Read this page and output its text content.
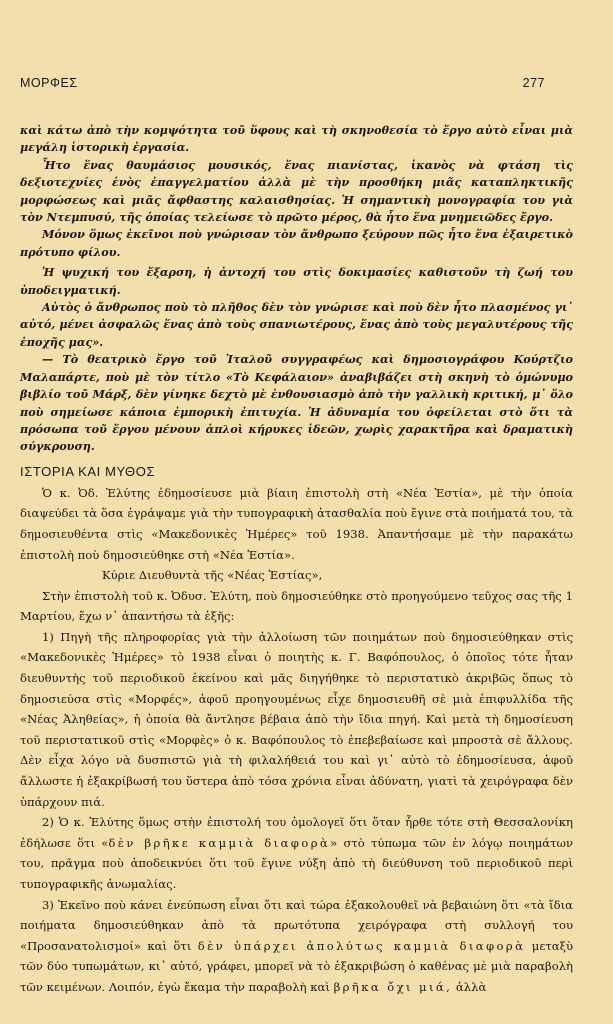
ΜΟΡΦΕΣ	277

καὶ κάτω ἀπὸ τὴν κομψότητα τοῦ ὕφους καὶ τὴ σκηνοθεσία τὸ ἔργο αὐτὸ εἶναι μιὰ μεγάλη ἱστορικὴ ἐργασία.

Ἦτο ἕνας θαυμάσιος μουσικός, ἕνας πιανίστας, ἱκανὸς νὰ φτάση τὶς δεξιοτεχνίες ἑνὸς ἐπαγγελματίου ἀλλὰ μὲ τὴν προσθήκη μιᾶς καταπληκτικῆς μορφώσεως καὶ μιᾶς ἄφθαστης καλαισθησίας. Ἡ σημαντικὴ μονογραφία του γιὰ τὸν Ντεμπυσύ, τῆς ὁποίας τελείωσε τὸ πρῶτο μέρος, θὰ ἦτο ἕνα μνημειῶδες ἔργο.

Μόνον ὅμως ἐκεῖνοι ποὺ γνώρισαν τὸν ἄνθρωπο ξεύρουν πῶς ἦτο ἕνα ἐξαιρετικὸ πρότυπο φίλου.

Ἡ ψυχική του ἔξαρση, ἡ ἀντοχή του στὶς δοκιμασίες καθιστοῦν τὴ ζωή του ὑποδειγματική.

Αὐτὸς ὁ ἄνθρωπος ποὺ τὸ πλῆθος δὲν τὸν γνώρισε καὶ ποὺ δὲν ἦτο πλασμένος γι᾽ αὐτό, μένει ἀσφαλῶς ἕνας ἀπὸ τοὺς σπανιωτέρους, ἕνας ἀπὸ τοὺς μεγαλυτέρους τῆς ἐποχῆς μας».

— Τὸ θεατρικὸ ἔργο τοῦ Ἰταλοῦ συγγραφέως καὶ δημοσιογράφου Κούρτζιο Μαλαπάρτε, ποὺ μὲ τὸν τίτλο «Τὸ Κεφάλαιον» ἀναβιβάζει στὴ σκηνὴ τὸ ὁμώνυμο βιβλίο τοῦ Μάρξ, δὲν γίνηκε δεχτὸ μὲ ἐνθουσιασμὸ ἀπὸ τὴν γαλλικὴ κριτική, μ᾽ ὅλο ποὺ σημείωσε κάποια ἐμπορικὴ ἐπιτυχία. Ἡ ἀδυναμία του ὀφείλεται στὸ ὅτι τὰ πρόσωπα τοῦ ἔργου μένουν ἁπλοὶ κήρυκες ἰδεῶν, χωρὶς χαρακτῆρα καὶ δραματικὴ σύγκρουση.

ΙΣΤΟΡΙΑ ΚΑΙ ΜΥΘΟΣ

Ὁ κ. Ὀδ. Ἐλύτης ἐδημοσίευσε μιὰ βίαιη ἐπιστολὴ στὴ «Νέα Ἑστία», μὲ τὴν ὁποία διαψεύδει τὰ ὅσα ἐγράψαμε γιὰ τὴν τυπογραφικὴ ἀτασθαλία ποὺ ἔγινε στὰ ποιήματά του, τὰ δημοσιευθέντα στὶς «Μακεδονικὲς Ἡμέρες» τοῦ 1938. Ἀπαντήσαμε μὲ τὴν παρακάτω ἐπιστολὴ ποὺ δημοσιεύθηκε στὴ «Νέα Ἑστία».

Κύριε Διευθυντὰ τῆς «Νέας Ἑστίας»,

Στὴν ἐπιστολὴ τοῦ κ. Ὀδυσ. Ἐλύτη, ποὺ δημοσιεύθηκε στὸ προηγούμενο τεῦχος σας τῆς 1 Μαρτίου, ἔχω ν᾽ ἀπαντήσω τὰ ἑξῆς:

1) Πηγὴ τῆς πληροφορίας γιὰ τὴν ἀλλοίωση τῶν ποιημάτων ποὺ δημοσιεύθηκαν στὶς «Μακεδονικὲς Ἡμέρες» τὸ 1938 εἶναι ὁ ποιητὴς κ. Γ. Βαφόπουλος, ὁ ὁποῖος τότε ἦταν διευθυντὴς τοῦ περιοδικοῦ ἐκείνου καὶ μᾶς διηγήθηκε τὸ περιστατικὸ ἀκριβῶς ὅπως τὸ δημοσιεύσα στὶς «Μορφές», ἀφοῦ προηγουμένως εἶχε δημοσιευθῆ σὲ μιὰ ἐπιφυλλίδα τῆς «Νέας Ἀληθείας», ἡ ὁποία θὰ ἄντλησε βέβαια ἀπὸ τὴν ἴδια πηγή. Καὶ μετὰ τὴ δημοσίευση τοῦ περιστατικοῦ στὶς «Μορφὲς» ὁ κ. Βαφόπουλος τὸ ἐπεβεβαίωσε καὶ μπροστὰ σὲ ἄλλους. Δὲν εἶχα λόγο νὰ δυσπιστῶ γιὰ τὴ φιλαλήθειά του καὶ γι᾽ αὐτὸ τὸ ἐδημοσίευσα, ἀφοῦ ἄλλωστε ἡ ἐξακρίβωσή του ὕστερα ἀπὸ τόσα χρόνια εἶναι ἀδύνατη, γιατὶ τὰ χειρόγραφα δὲν ὑπάρχουν πιά.

2) Ὁ κ. Ἐλύτης ὅμως στὴν ἐπιστολή του ὁμολογεῖ ὅτι ὅταν ἦρθε τότε στὴ Θεσσαλονίκη ἐδήλωσε ὅτι «δὲν βρῆκε καμμιὰ διαφορὰ» στὸ τύπωμα τῶν ἐν λόγῳ ποιημάτων του, πρᾶγμα ποὺ ἀποδεικνύει ὅτι τοῦ ἔγινε νύξη ἀπὸ τὴ διεύθυνση τοῦ περιοδικοῦ περὶ τυπογραφικῆς ἀνωμαλίας.

3) Ἐκεῖνο ποὺ κάνει ἐνεύπωση εἶναι ὅτι καὶ τώρα ἐξακολουθεῖ νὰ βεβαιώνη ὅτι «τὰ ἴδια ποιήματα δημοσιεύθηκαν ἀπὸ τὰ πρωτότυπα χειρόγραφα στὴ συλλογή του «Προσανατολισμοί» καὶ ὅτι δὲν ὑπάρχει ἀπολύτως καμμιὰ διαφορὰ μεταξὺ τῶν δύο τυπωμάτων, κι᾽ αὐτό, γράφει, μπορεῖ νὰ τὸ ἐξακριβώση ὁ καθένας μὲ μιὰ παραβολὴ τῶν κειμένων. Λοιπόν, ἐγὼ ἔκαμα τὴν παραβολὴ καὶ βρῆκα ὄχι μιά, ἀλλὰ
